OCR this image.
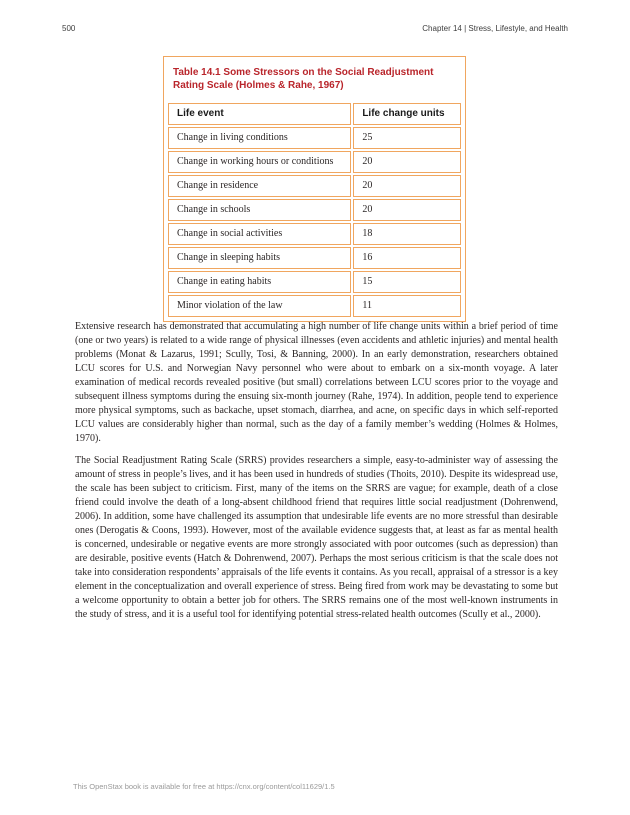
500	Chapter 14 | Stress, Lifestyle, and Health
Table 14.1 Some Stressors on the Social Readjustment Rating Scale (Holmes & Rahe, 1967)
Life event	Life change units
Change in living conditions	25
Change in working hours or conditions	20
Change in residence	20
Change in schools	20
Change in social activities	18
Change in sleeping habits	16
Change in eating habits	15
Minor violation of the law	11

Extensive research has demonstrated that accumulating a high number of life change units within a brief period of time (one or two years) is related to a wide range of physical illnesses (even accidents and athletic injuries) and mental health problems (Monat & Lazarus, 1991; Scully, Tosi, & Banning, 2000). In an early demonstration, researchers obtained LCU scores for U.S. and Norwegian Navy personnel who were about to embark on a six-month voyage. A later examination of medical records revealed positive (but small) correlations between LCU scores prior to the voyage and subsequent illness symptoms during the ensuing six-month journey (Rahe, 1974). In addition, people tend to experience more physical symptoms, such as backache, upset stomach, diarrhea, and acne, on specific days in which self-reported LCU values are considerably higher than normal, such as the day of a family member’s wedding (Holmes & Holmes, 1970).

The Social Readjustment Rating Scale (SRRS) provides researchers a simple, easy-to-administer way of assessing the amount of stress in people’s lives, and it has been used in hundreds of studies (Thoits, 2010). Despite its widespread use, the scale has been subject to criticism. First, many of the items on the SRRS are vague; for example, death of a close friend could involve the death of a long-absent childhood friend that requires little social readjustment (Dohrenwend, 2006). In addition, some have challenged its assumption that undesirable life events are no more stressful than desirable ones (Derogatis & Coons, 1993). However, most of the available evidence suggests that, at least as far as mental health is concerned, undesirable or negative events are more strongly associated with poor outcomes (such as depression) than are desirable, positive events (Hatch & Dohrenwend, 2007). Perhaps the most serious criticism is that the scale does not take into consideration respondents’ appraisals of the life events it contains. As you recall, appraisal of a stressor is a key element in the conceptualization and overall experience of stress. Being fired from work may be devastating to some but a welcome opportunity to obtain a better job for others. The SRRS remains one of the most well-known instruments in the study of stress, and it is a useful tool for identifying potential stress-related health outcomes (Scully et al., 2000).

This OpenStax book is available for free at https://cnx.org/content/col11629/1.5
